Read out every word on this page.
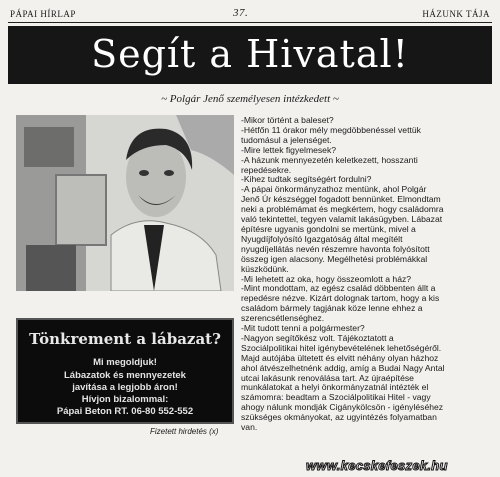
PÁPAI HÍRLAP	37.	HÁZUNK TÁJA
Segít a Hivatal!
~ Polgár Jenő személyesen intézkedett ~
Tönkrement a lábazat?
Mi megoldjuk!
Lábazatok és mennyezetek
javítása a legjobb áron!
Hívjon bizalommal:
Pápai Beton RT. 06-80 552-552
Fizetett hirdetés (x)

-Mikor történt a baleset?

-Hétfőn 11 órakor mély megdöbbenéssel vettük

tudomásul a jelenséget.

-Mire lettek figyelmesek?

-A házunk mennyezetén keletkezett, hosszanti

repedésekre.

-Kihez tudtak segítségért fordulni?

-A pápai önkormányzathoz mentünk, ahol Polgár

Jenő Úr készséggel fogadott bennünket. Elmondtam

neki a problémámat és megkértem, hogy családomra

való tekintettel, tegyen valamit lakásügyben. Lábazat

építésre ugyanis gondolni se mertünk, mivel a

Nyugdíjfolyósító Igazgatóság által megítélt

nyugdíjellátás nevén részemre havonta folyósított

összeg igen alacsony. Megélhetési problémákkal

küszködünk.

-Mi lehetett az oka, hogy összeomlott a ház?

-Mint mondottam, az egész család döbbenten állt a

repedésre nézve. Kizárt dolognak tartom, hogy a kis

családom bármely tagjának köze lenne ehhez a

szerencsétlenséghez.

-Mit tudott tenni a polgármester?

-Nagyon segítőkész volt. Tájékoztatott a

Szociálpolitikai hitel igénybevételének lehetőségéről.

Majd autójába ültetett és elvitt néhány olyan házhoz

ahol átvészelhetnénk addig, amíg a Budai Nagy Antal

utcai lakásunk renoválása tart. Az újraépítése

munkálatokat a helyi önkormányzatnál intézték el

számomra: beadtam a Szociálpolitikai Hitel - vagy

ahogy nálunk mondják Cigánykölcsön - igényléséhez

szükséges okmányokat, az ugyintézés folyamatban

van.

www.kecskefeszek.hu
